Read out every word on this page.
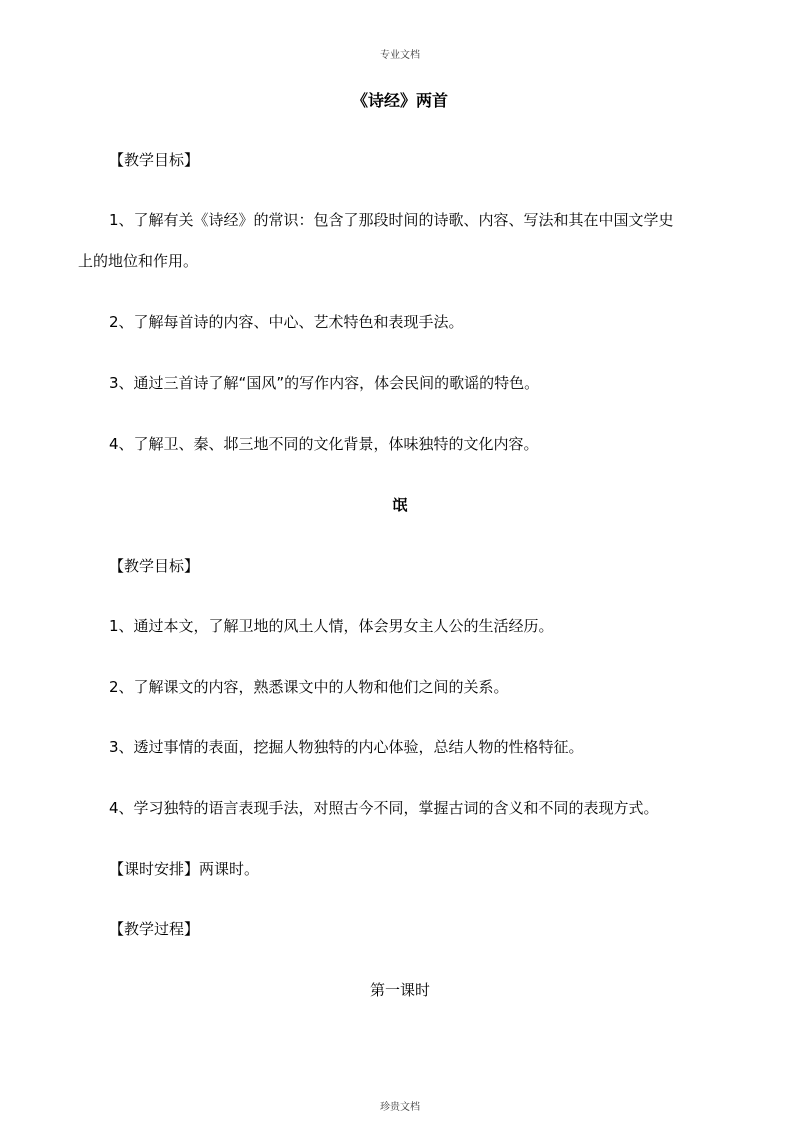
专业文档
《诗经》两首
【教学目标】
1、了解有关《诗经》的常识：包含了那段时间的诗歌、内容、写法和其在中国文学史
上的地位和作用。
2、了解每首诗的内容、中心、艺术特色和表现手法。
3、通过三首诗了解“国风”的写作内容，体会民间的歌谣的特色。
4、了解卫、秦、邶三地不同的文化背景，体味独特的文化内容。
氓
【教学目标】
1、通过本文，了解卫地的风土人情，体会男女主人公的生活经历。
2、了解课文的内容，熟悉课文中的人物和他们之间的关系。
3、透过事情的表面，挖掘人物独特的内心体验，总结人物的性格特征。
4、学习独特的语言表现手法，对照古今不同，掌握古词的含义和不同的表现方式。
【课时安排】两课时。
【教学过程】
第一课时
珍贵文档
